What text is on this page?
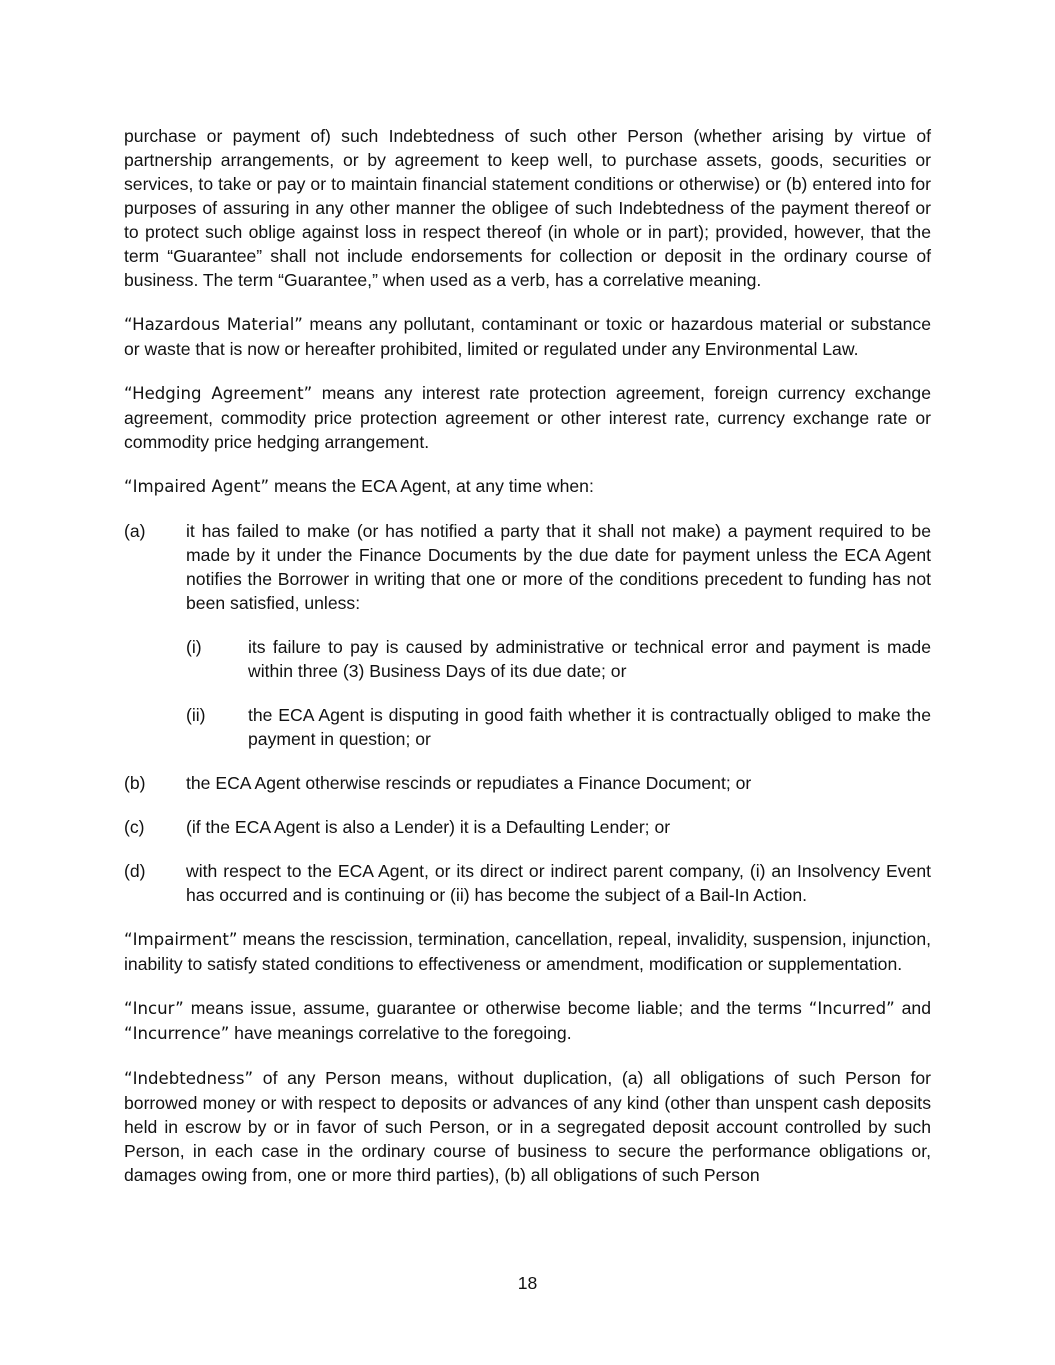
purchase or payment of) such Indebtedness of such other Person (whether arising by virtue of partnership arrangements, or by agreement to keep well, to purchase assets, goods, securities or services, to take or pay or to maintain financial statement conditions or otherwise) or (b) entered into for purposes of assuring in any other manner the obligee of such Indebtedness of the payment thereof or to protect such oblige against loss in respect thereof (in whole or in part); provided, however, that the term “Guarantee” shall not include endorsements for collection or deposit in the ordinary course of business. The term “Guarantee,” when used as a verb, has a correlative meaning.

“Hazardous Material” means any pollutant, contaminant or toxic or hazardous material or substance or waste that is now or hereafter prohibited, limited or regulated under any Environmental Law.

“Hedging Agreement” means any interest rate protection agreement, foreign currency exchange agreement, commodity price protection agreement or other interest rate, currency exchange rate or commodity price hedging arrangement.

“Impaired Agent” means the ECA Agent, at any time when:

(a) it has failed to make (or has notified a party that it shall not make) a payment required to be made by it under the Finance Documents by the due date for payment unless the ECA Agent notifies the Borrower in writing that one or more of the conditions precedent to funding has not been satisfied, unless:
(i)	its failure to pay is caused by administrative or technical error and payment is made within three (3) Business Days of its due date; or
(ii) the ECA Agent is disputing in good faith whether it is contractually obliged to make the payment in question; or
(b) the ECA Agent otherwise rescinds or repudiates a Finance Document; or
(c) (if the ECA Agent is also a Lender) it is a Defaulting Lender; or
(d) with respect to the ECA Agent, or its direct or indirect parent company, (i) an Insolvency Event has occurred and is continuing or (ii) has become the subject of a Bail-In Action.

“Impairment” means the rescission, termination, cancellation, repeal, invalidity, suspension, injunction, inability to satisfy stated conditions to effectiveness or amendment, modification or supplementation.

“Incur” means issue, assume, guarantee or otherwise become liable; and the terms “Incurred” and “Incurrence” have meanings correlative to the foregoing.

“Indebtedness” of any Person means, without duplication, (a) all obligations of such Person for borrowed money or with respect to deposits or advances of any kind (other than unspent cash deposits held in escrow by or in favor of such Person, or in a segregated deposit account controlled by such Person, in each case in the ordinary course of business to secure the performance obligations or, damages owing from, one or more third parties), (b) all obligations of such Person

18
